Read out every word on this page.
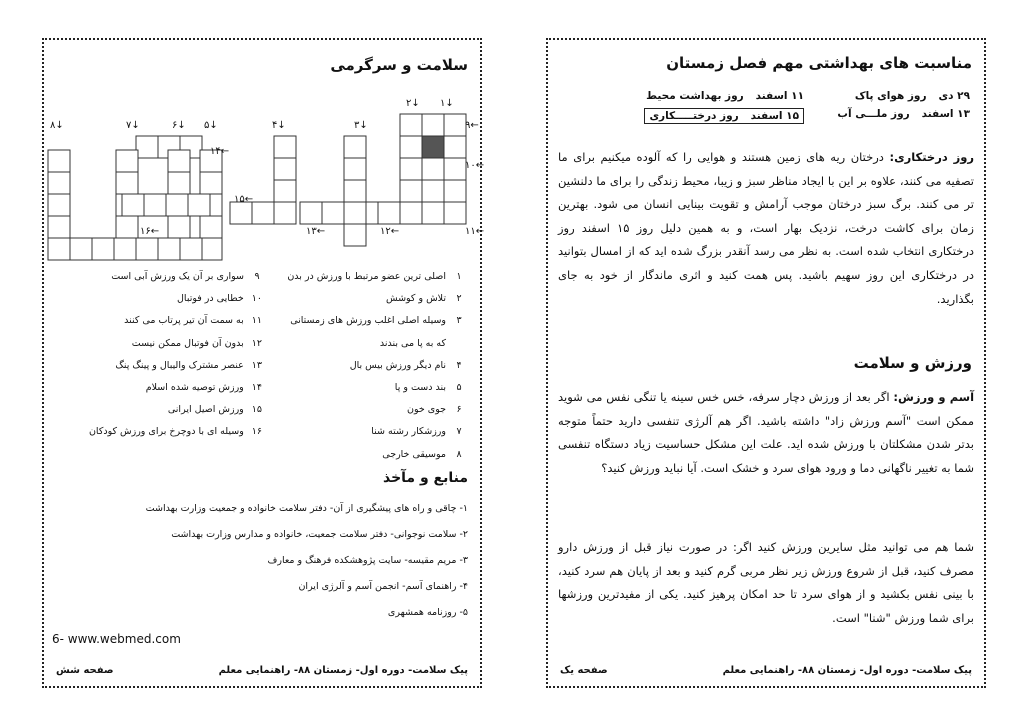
سلامت و سرگرمی
۱↓
۲↓
۳↓
۴↓
۵↓
۶↓
۷↓
۸↓	۹←
۱۰←
۱۱←
۱۲←
۱۳←
۱۴←
۱۵←
۱۶←
۱
اصلی ترین عضو مرتبط با ورزش در بدن
۲
تلاش و کوشش
۳
وسیله اصلی اغلب ورزش های زمستانی
که به پا می بندند
۴
نام دیگر ورزش بیس بال
۵
بند دست و پا
۶
جوی خون
۷
ورزشکار رشته شنا
۸
موسیقی خارجی
۹
سواری بر آن یک ورزش آبی است
۱۰
خطایی در فوتبال
۱۱
به سمت آن تیر پرتاب می کنند
۱۲
بدون آن فوتبال ممکن نیست
۱۳
عنصر مشترک والیبال و پینگ پنگ
۱۴
ورزش توصیه شده اسلام
۱۵
ورزش اصیل ایرانی
۱۶
وسیله ای با دوچرخ برای ورزش کودکان
منابع و مآخذ
۱- چاقی و راه های پیشگیری از آن- دفتر سلامت خانواده و جمعیت وزارت بهداشت
۲- سلامت نوجوانی- دفتر سلامت جمعیت، خانواده و مدارس وزارت بهداشت
۳- مریم مقیسه- سایت پژوهشکده فرهنگ و معارف
۴- راهنمای آسم- انجمن آسم و آلرژی ایران
۵- روزنامه همشهری
6- www.webmed.com
پیک سلامت- دوره اول- زمستان ۸۸- راهنمایی معلم
صفحه شش
مناسبت های بهداشتی مهم فصل زمستان
۲۹ دی
روز هوای پاک
۱۱ اسفند
روز بهداشت محیط
۱۳ اسفند
روز ملـــی آب
۱۵ اسفند
روز درختـــــکاری
روز درختکاری: درختان ریه های زمین هستند و هوایی را که آلوده میکنیم برای ما تصفیه می کنند، علاوه بر این با ایجاد مناظر سبز و زیبا، محیط زندگی را برای ما دلنشین تر می کنند. برگ سبز درختان موجب آرامش و تقویت بینایی انسان می شود. بهترین زمان برای کاشت درخت، نزدیک بهار است، و به همین دلیل روز ۱۵ اسفند روز درختکاری انتخاب شده است. به نظر می رسد آنقدر بزرگ شده اید که از امسال بتوانید در درختکاری این روز سهیم باشید. پس همت کنید و اثری ماندگار از خود به جای بگذارید.
ورزش و سلامت
آسم و ورزش: اگر بعد از ورزش دچار سرفه، خس خس سینه یا تنگی نفس می شوید ممکن است "آسم ورزش زاد" داشته باشید. اگر هم آلرژی تنفسی دارید حتماً متوجه بدتر شدن مشکلتان با ورزش شده اید. علت این مشکل حساسیت زیاد دستگاه تنفسی شما به تغییر ناگهانی دما و ورود هوای سرد و خشک است. آیا نباید ورزش کنید؟
شما هم می توانید مثل سایرین ورزش کنید اگر: در صورت نیاز قبل از ورزش دارو مصرف کنید، قبل از شروع ورزش زیر نظر مربی گرم کنید و بعد از پایان هم سرد کنید، با بینی نفس بکشید و از هوای سرد تا حد امکان پرهیز کنید. یکی از مفیدترین ورزشها برای شما ورزش "شنا" است.
پیک سلامت- دوره اول- زمستان ۸۸- راهنمایی معلم
صفحه یک
